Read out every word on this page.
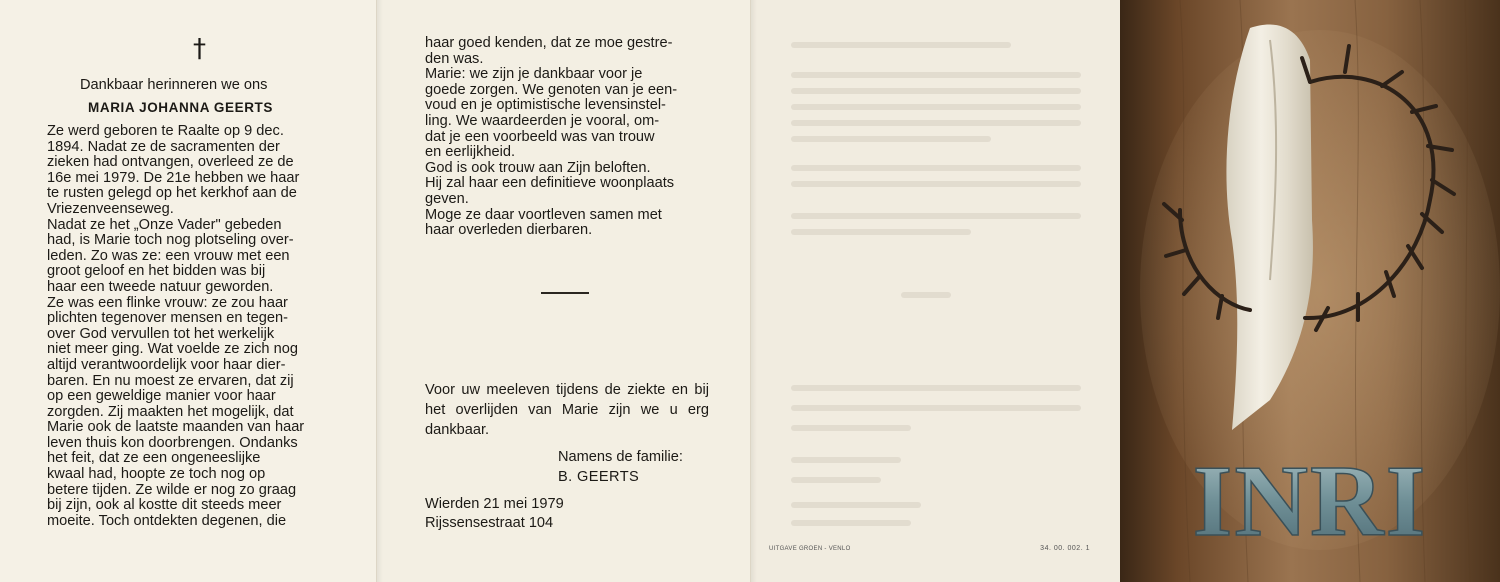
†
Dankbaar herinneren we ons
MARIA JOHANNA GEERTS

Ze werd geboren te Raalte op 9 dec.

1894. Nadat ze de sacramenten der

zieken had ontvangen, overleed ze de

16e mei 1979. De 21e hebben we haar

te rusten gelegd op het kerkhof aan de

Vriezenveenseweg.

Nadat ze het „Onze Vader" gebeden

had, is Marie toch nog plotseling over-

leden. Zo was ze: een vrouw met een

groot geloof en het bidden was bij

haar een tweede natuur geworden.

Ze was een flinke vrouw: ze zou haar

plichten tegenover mensen en tegen-

over God vervullen tot het werkelijk

niet meer ging. Wat voelde ze zich nog

altijd verantwoordelijk voor haar dier-

baren. En nu moest ze ervaren, dat zij

op een geweldige manier voor haar

zorgden. Zij maakten het mogelijk, dat

Marie ook de laatste maanden van haar

leven thuis kon doorbrengen. Ondanks

het feit, dat ze een ongeneeslijke

kwaal had, hoopte ze toch nog op

betere tijden. Ze wilde er nog zo graag

bij zijn, ook al kostte dit steeds meer

moeite. Toch ontdekten degenen, die

haar goed kenden, dat ze moe gestre-

den was.

Marie: we zijn je dankbaar voor je

goede zorgen. We genoten van je een-

voud en je optimistische levensinstel-

ling. We waardeerden je vooral, om-

dat je een voorbeeld was van trouw

en eerlijkheid.

God is ook trouw aan Zijn beloften.

Hij zal haar een definitieve woonplaats

geven.

Moge ze daar voortleven samen met

haar overleden dierbaren.

Voor uw meeleven tijdens de ziekte en bij het overlijden van Marie zijn we u erg dankbaar.
Namens de familie:
B. GEERTS
Wierden 21 mei 1979
Rijssensestraat 104
UITGAVE GROEN - VENLO	34. 00. 002. 1 INRI
